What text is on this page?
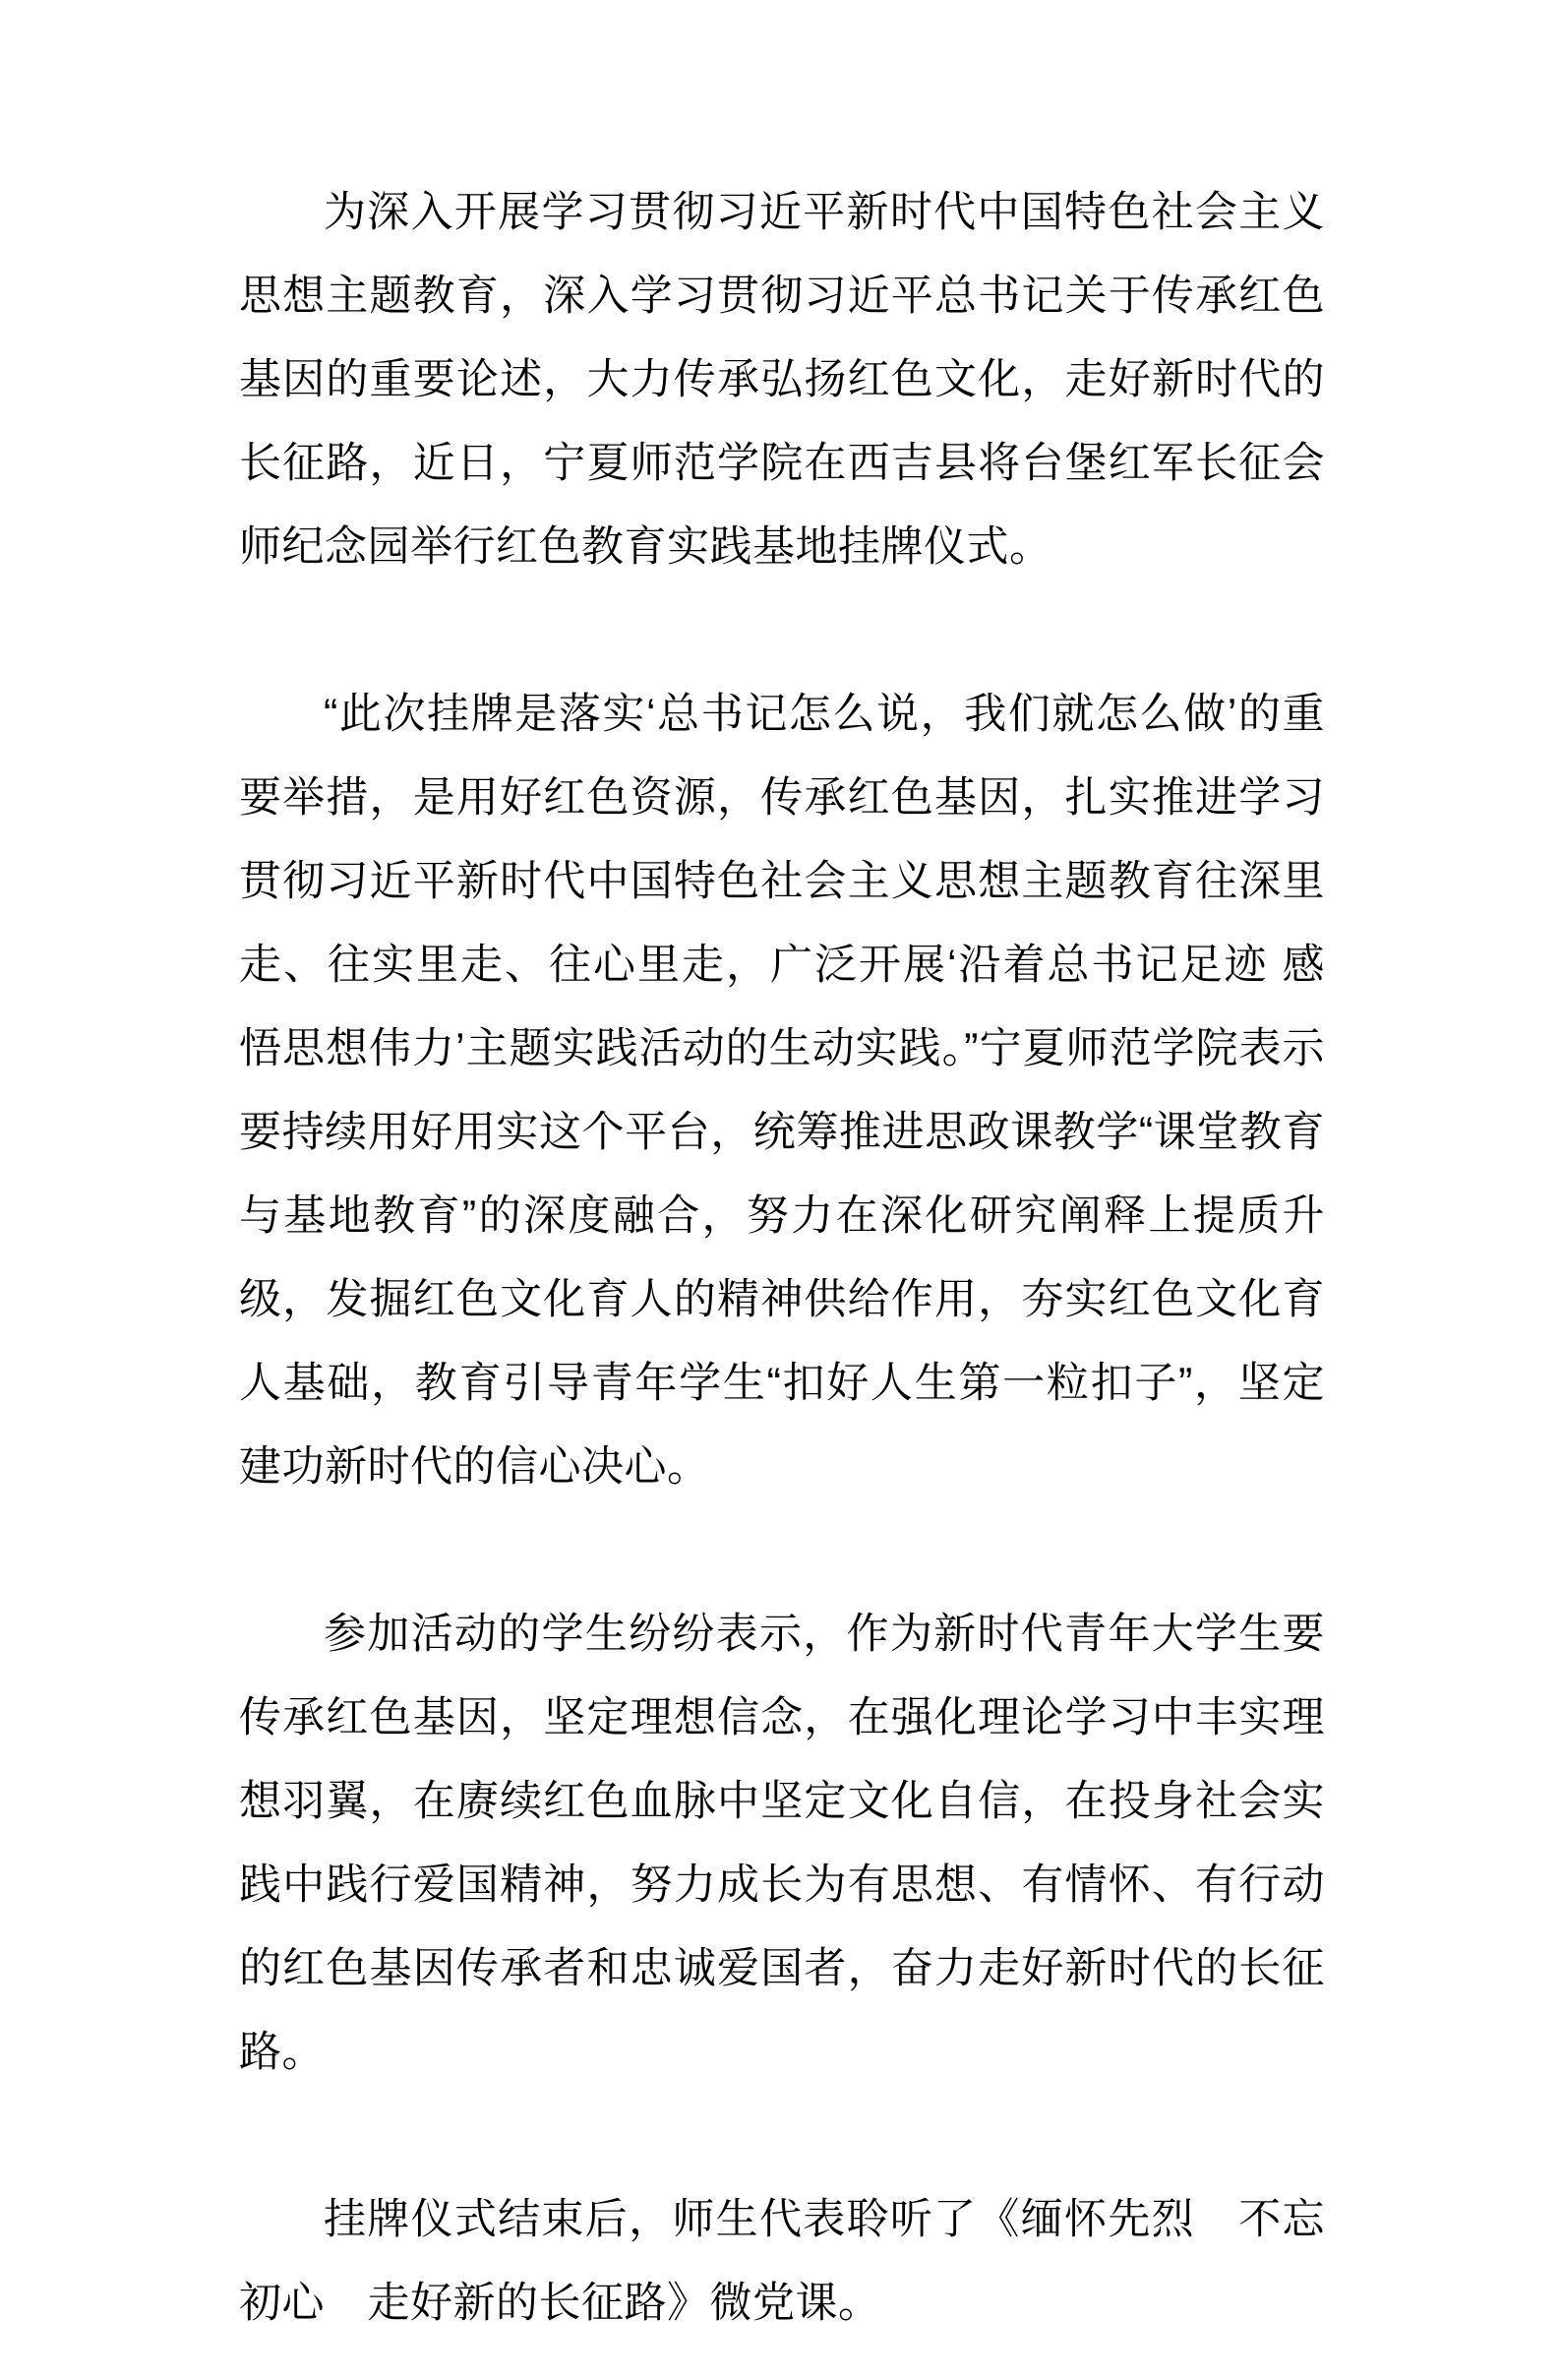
为深入开展学习贯彻习近平新时代中国特色社会主义思想主题教育，深入学习贯彻习近平总书记关于传承红色基因的重要论述，大力传承弘扬红色文化，走好新时代的长征路，近日，宁夏师范学院在西吉县将台堡红军长征会师纪念园举行红色教育实践基地挂牌仪式。

“此次挂牌是落实‘总书记怎么说，我们就怎么做’的重要举措，是用好红色资源，传承红色基因，扎实推进学习贯彻习近平新时代中国特色社会主义思想主题教育往深里走、往实里走、往心里走，广泛开展‘沿着总书记足迹 感悟思想伟力’主题实践活动的生动实践。”宁夏师范学院表示要持续用好用实这个平台，统筹推进思政课教学“课堂教育与基地教育”的深度融合，努力在深化研究阐释上提质升级，发掘红色文化育人的精神供给作用，夯实红色文化育人基础，教育引导青年学生“扣好人生第一粒扣子”，坚定建功新时代的信心决心。

参加活动的学生纷纷表示，作为新时代青年大学生要传承红色基因，坚定理想信念，在强化理论学习中丰实理想羽翼，在赓续红色血脉中坚定文化自信，在投身社会实践中践行爱国精神，努力成长为有思想、有情怀、有行动的红色基因传承者和忠诚爱国者，奋力走好新时代的长征路。

挂牌仪式结束后，师生代表聆听了《缅怀先烈　不忘初心　走好新的长征路》微党课。
